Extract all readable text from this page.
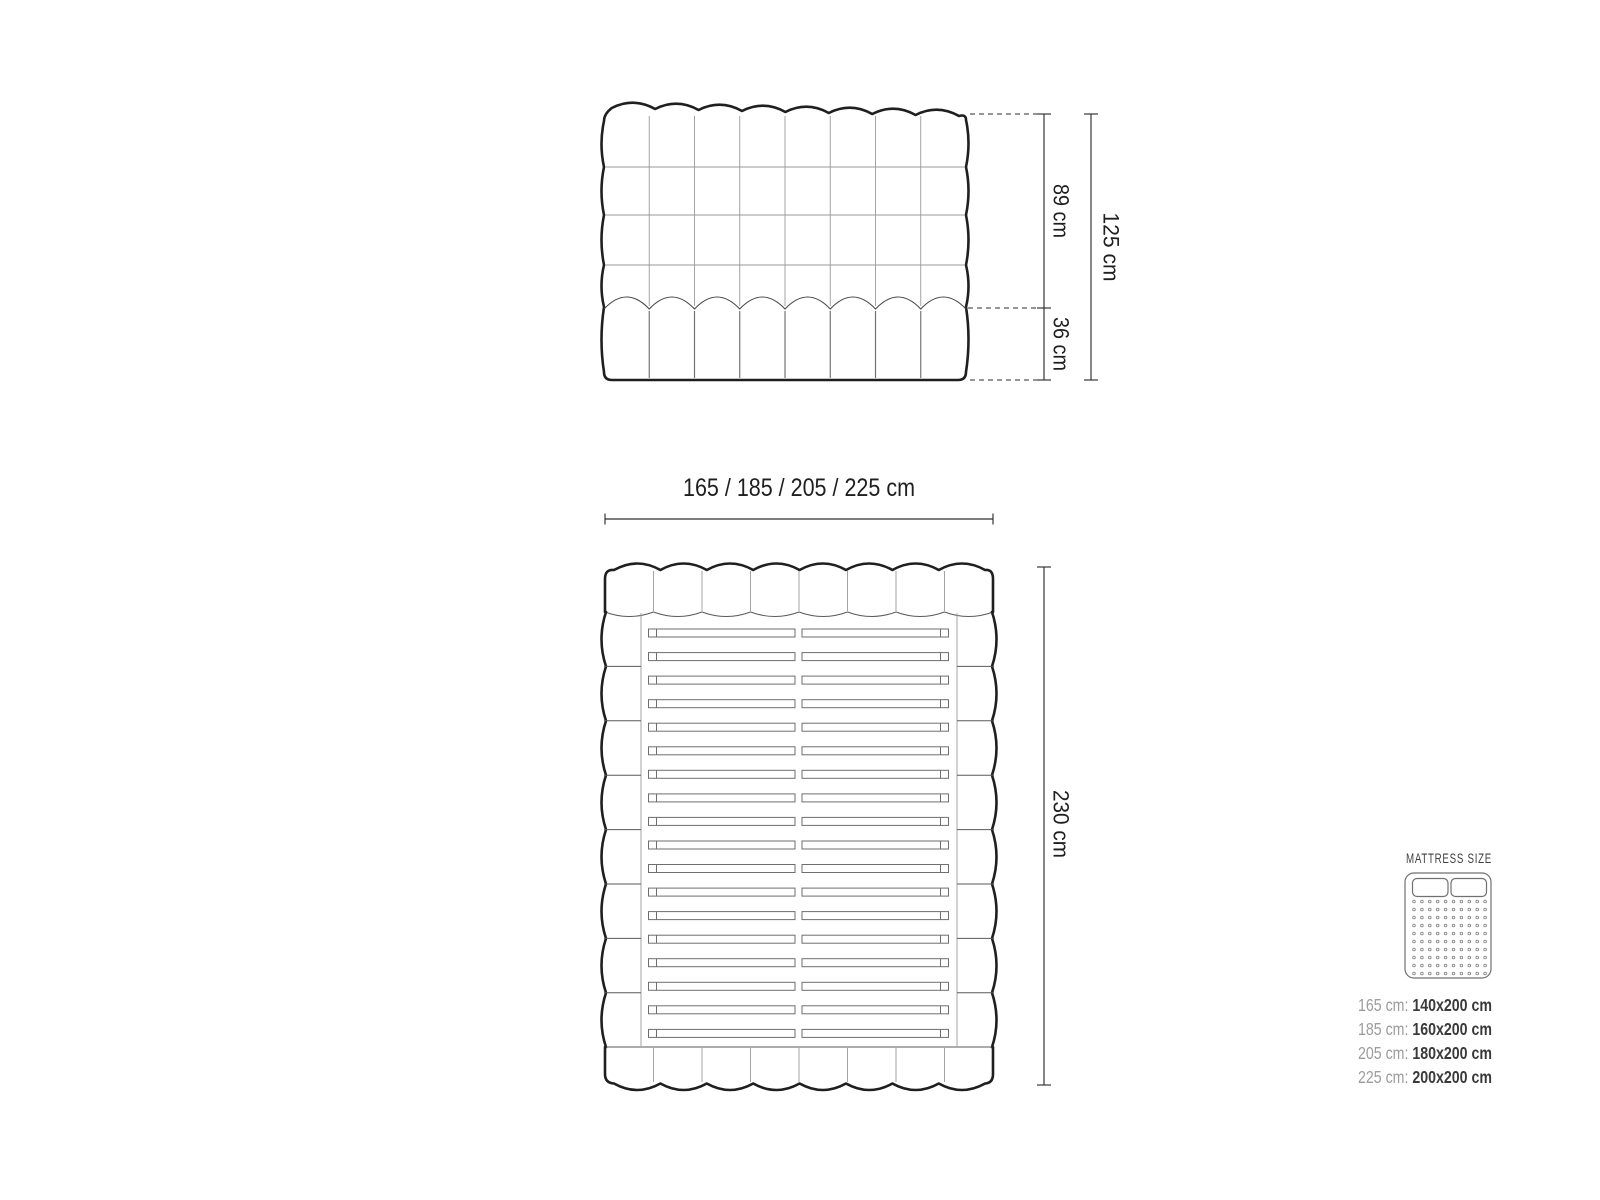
89 cm
36 cm
125 cm
165 / 185 / 205 / 225 cm
230 cm	MATTRESS SIZE
165 cm: 140x200 cm
185 cm: 160x200 cm
205 cm: 180x200 cm
225 cm: 200x200 cm
